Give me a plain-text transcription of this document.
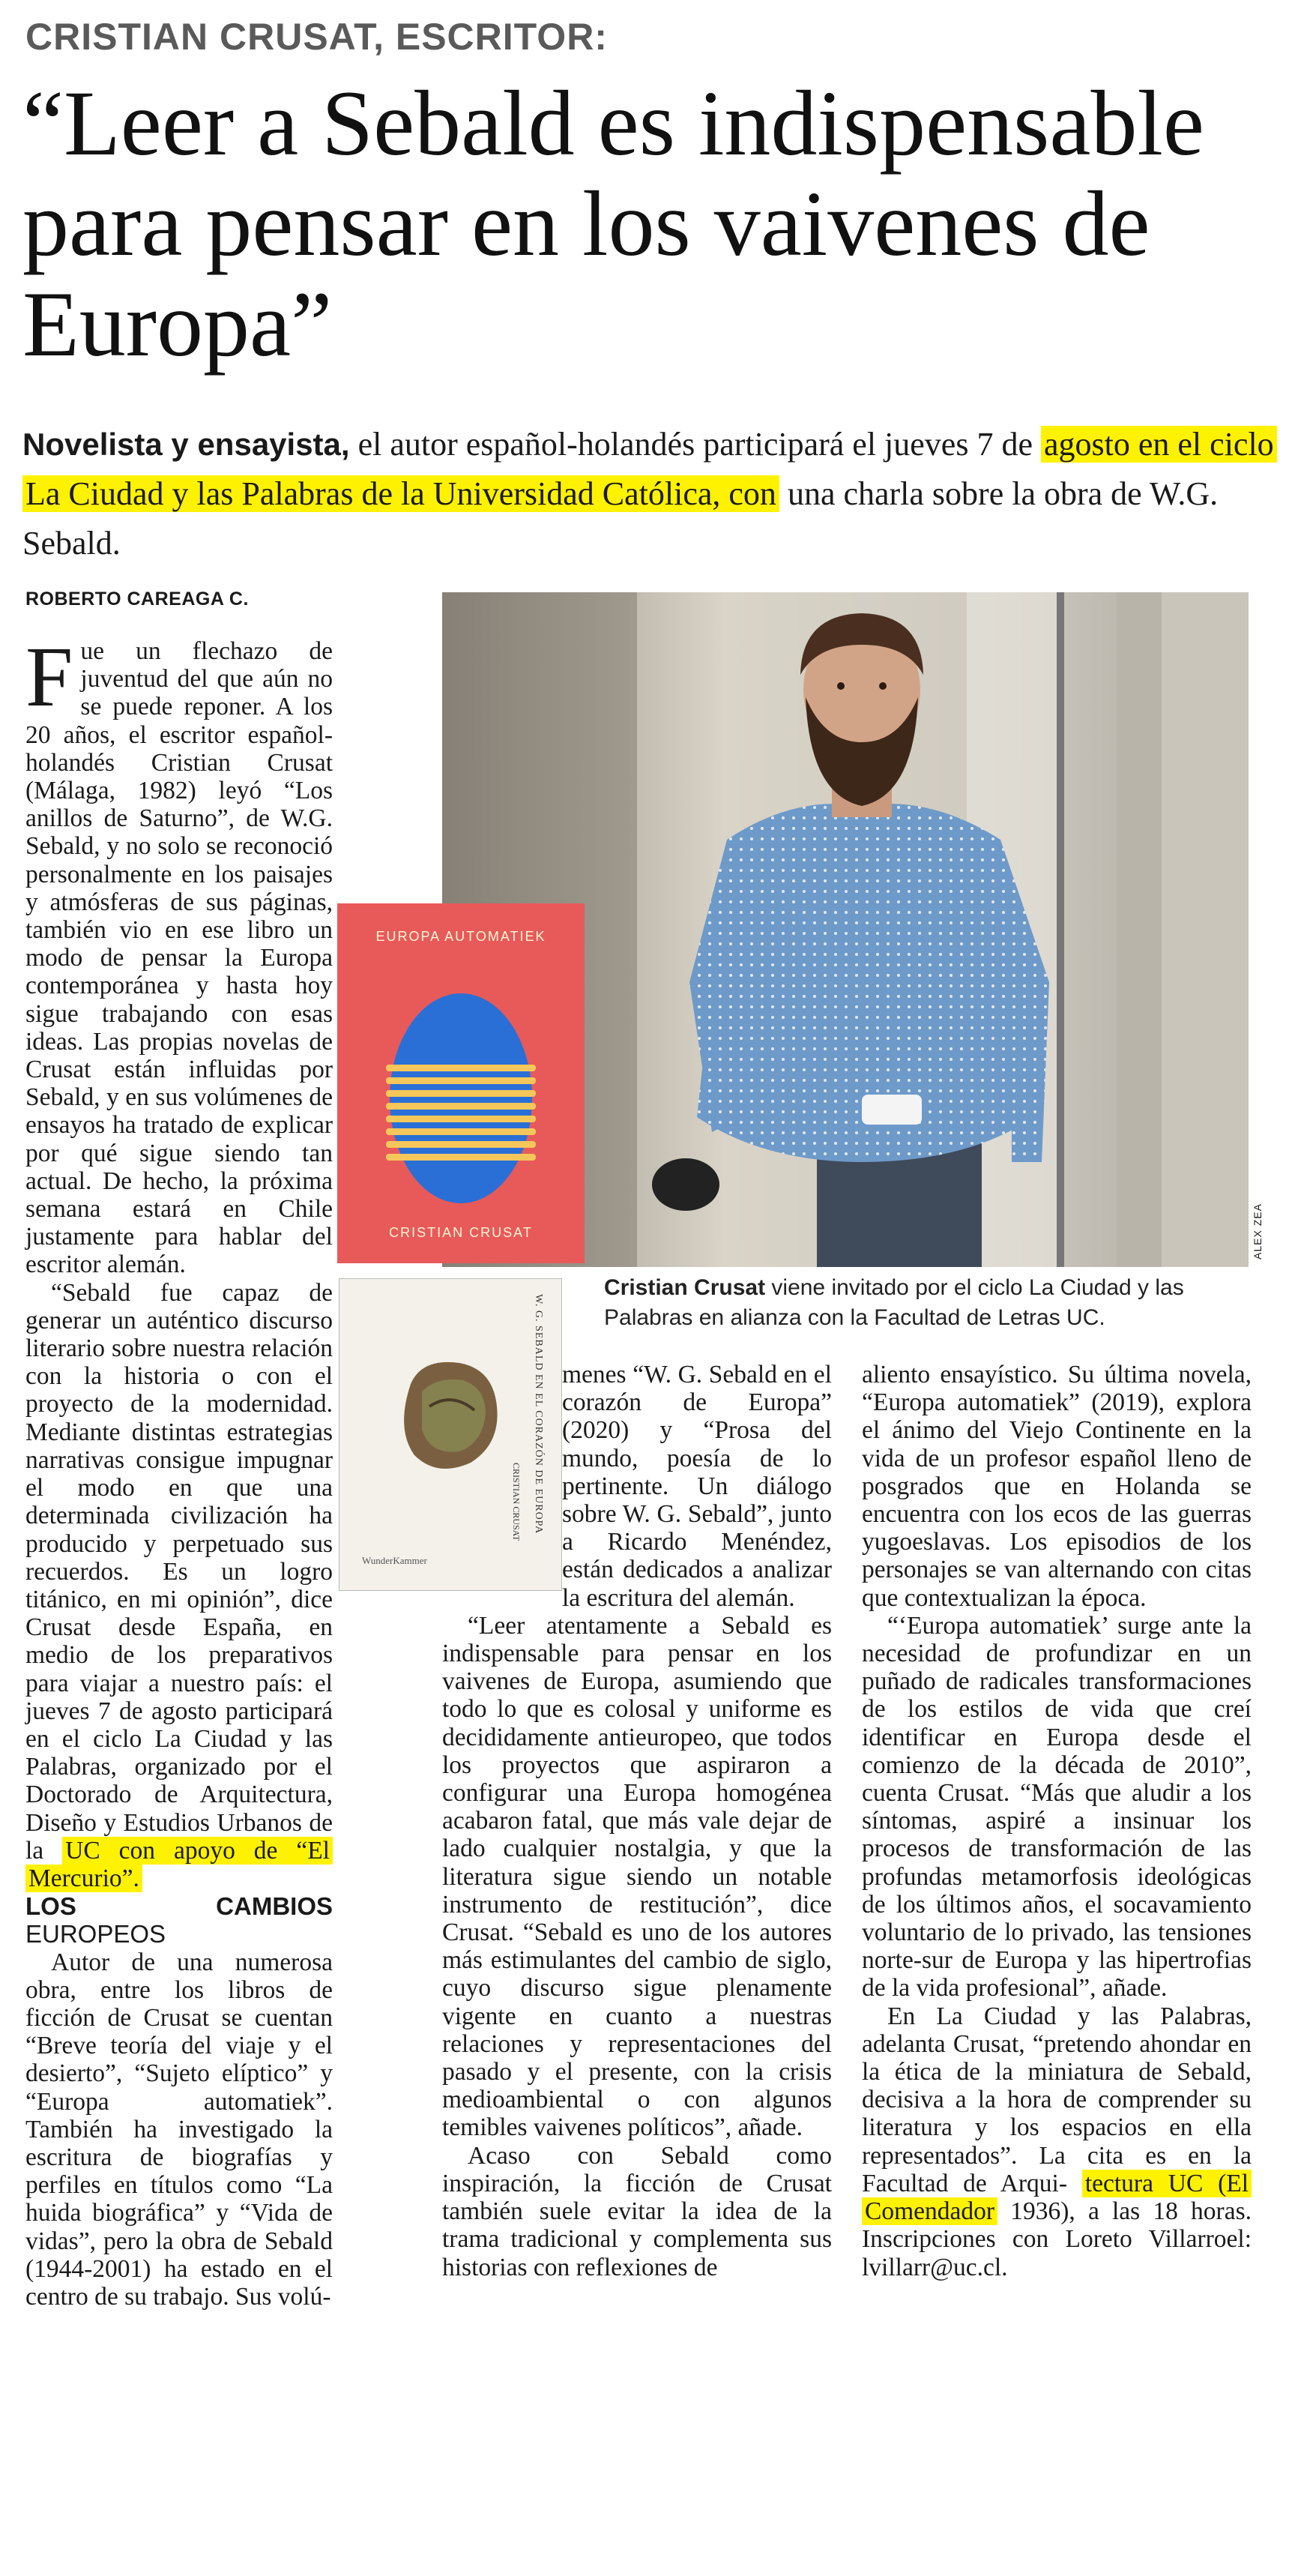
CRISTIAN CRUSAT, ESCRITOR:
“Leer a Sebald es indispensable para pensar en los vaivenes de Europa”
Novelista y ensayista, el autor español-holandés participará el jueves 7 de agosto en el ciclo La Ciudad y las Palabras de la Universidad Católica, con una charla sobre la obra de W.G. Sebald.
ROBERTO CAREAGA C.
ALEX ZEA
EUROPA AUTOMATIEK
CRISTIAN CRUSAT
W. G. SEBALD EN EL CORAZÓN DE EUROPA
CRISTIAN CRUSAT
WunderKammer
Cristian Crusat viene invitado por el ciclo La Ciudad y las Palabras en alianza con la Facultad de Letras UC.

Fue un flechazo de juventud del que aún no se puede reponer. A los 20 años, el escritor español-holandés Cristian Crusat (Málaga, 1982) leyó “Los anillos de Saturno”, de W.G. Sebald, y no solo se reconoció personalmente en los paisajes y atmósferas de sus páginas, también vio en ese libro un modo de pensar la Europa contemporánea y hasta hoy sigue trabajando con esas ideas. Las propias novelas de Crusat están influidas por Sebald, y en sus volúmenes de ensayos ha tratado de explicar por qué sigue siendo tan actual. De hecho, la próxima semana estará en Chile justamente para hablar del escritor alemán.

“Sebald fue capaz de generar un auténtico discurso literario sobre nuestra relación con la historia o con el proyecto de la modernidad. Mediante distintas estrategias narrativas consigue impugnar el modo en que una determinada civilización ha producido y perpetuado sus recuerdos. Es un logro titánico, en mi opinión”, dice Crusat desde España, en medio de los preparativos para viajar a nuestro país: el jueves 7 de agosto participará en el ciclo La Ciudad y las Palabras, organizado por el Doctorado de Arquitectura, Diseño y Estudios Urbanos de la UC con apoyo de “El Mercurio”.

LOS CAMBIOS EUROPEOS

Autor de una numerosa obra, entre los libros de ficción de Crusat se cuentan “Breve teoría del viaje y el desierto”, “Sujeto elíptico” y “Europa automatiek”. También ha investigado la escritura de biografías y perfiles en títulos como “La huida biográfica” y “Vida de vidas”, pero la obra de Sebald (1944-2001) ha estado en el centro de su trabajo. Sus volú-

menes “W. G. Sebald en el corazón de Europa” (2020) y “Prosa del mundo, poesía de lo pertinente. Un diálogo sobre W. G. Sebald”, junto a Ricardo Menéndez, están dedicados a analizar la escritura del alemán.

“Leer atentamente a Sebald es indispensable para pensar en los vaivenes de Europa, asumiendo que todo lo que es colosal y uniforme es decididamente antieuropeo, que todos los proyectos que aspiraron a configurar una Europa homogénea acabaron fatal, que más vale dejar de lado cualquier nostalgia, y que la literatura sigue siendo un notable instrumento de restitución”, dice Crusat. “Sebald es uno de los autores más estimulantes del cambio de siglo, cuyo discurso sigue plenamente vigente en cuanto a nuestras relaciones y representaciones del pasado y el presente, con la crisis medioambiental o con algunos temibles vaivenes políticos”, añade.

Acaso con Sebald como inspiración, la ficción de Crusat también suele evitar la idea de la trama tradicional y complementa sus historias con reflexiones de

aliento ensayístico. Su última novela, “Europa automatiek” (2019), explora el ánimo del Viejo Continente en la vida de un profesor español lleno de posgrados que en Holanda se encuentra con los ecos de las guerras yugoeslavas. Los episodios de los personajes se van alternando con citas que contextualizan la época.

“‘Europa automatiek’ surge ante la necesidad de profundizar en un puñado de radicales transformaciones de los estilos de vida que creí identificar en Europa desde el comienzo de la década de 2010”, cuenta Crusat. “Más que aludir a los síntomas, aspiré a insinuar los procesos de transformación de las profundas metamorfosis ideológicas de los últimos años, el socavamiento voluntario de lo privado, las tensiones norte-sur de Europa y las hipertrofias de la vida profesional”, añade.

En La Ciudad y las Palabras, adelanta Crusat, “pretendo ahondar en la ética de la miniatura de Sebald, decisiva a la hora de comprender su literatura y los espacios en ella representados”. La cita es en la Facultad de Arqui- tectura UC (El Comendador 1936), a las 18 horas. Inscripciones con Loreto Villarroel: lvillarr@uc.cl.
